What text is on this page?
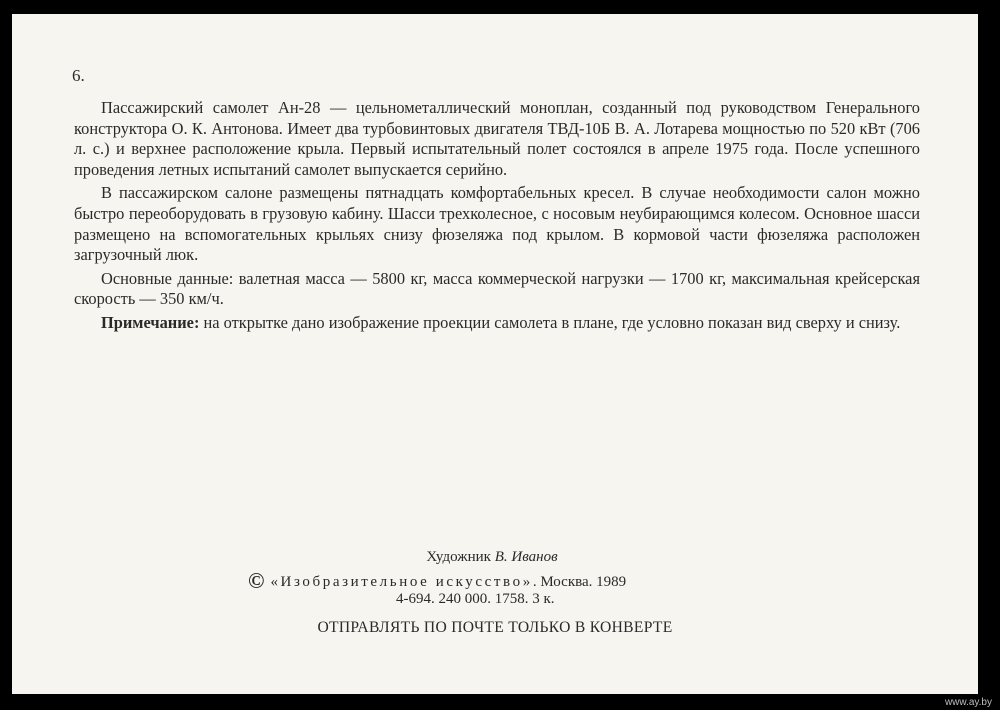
6.

Пассажирский самолет Ан-28 — цельнометаллический моноплан, созданный под руководством Генерального конструктора О. К. Антонова. Имеет два турбовинтовых двигателя ТВД-10Б В. А. Лотарева мощностью по 520 кВт (706 л. с.) и верхнее расположение крыла. Первый испытательный полет состоялся в апреле 1975 года. После успешного проведения летных испытаний самолет выпускается серийно.

В пассажирском салоне размещены пятнадцать комфортабельных кресел. В случае необходимости салон можно быстро переоборудовать в грузовую кабину. Шасси трехколесное, с носовым неубирающимся колесом. Основное шасси размещено на вспомогательных крыльях снизу фюзеляжа под крылом. В кормовой части фюзеляжа расположен загрузочный люк.

Основные данные: валетная масса — 5800 кг, масса коммерческой нагрузки — 1700 кг, максимальная крейсерская скорость — 350 км/ч.

Примечание: на открытке дано изображение проекции самолета в плане, где условно показан вид сверху и снизу.

Художник В. Иванов
© «Изобразительное искусство». Москва. 1989
4-694. 240 000. 1758. 3 к.
ОТПРАВЛЯТЬ ПО ПОЧТЕ ТОЛЬКО В КОНВЕРТЕ
www.ay.by
